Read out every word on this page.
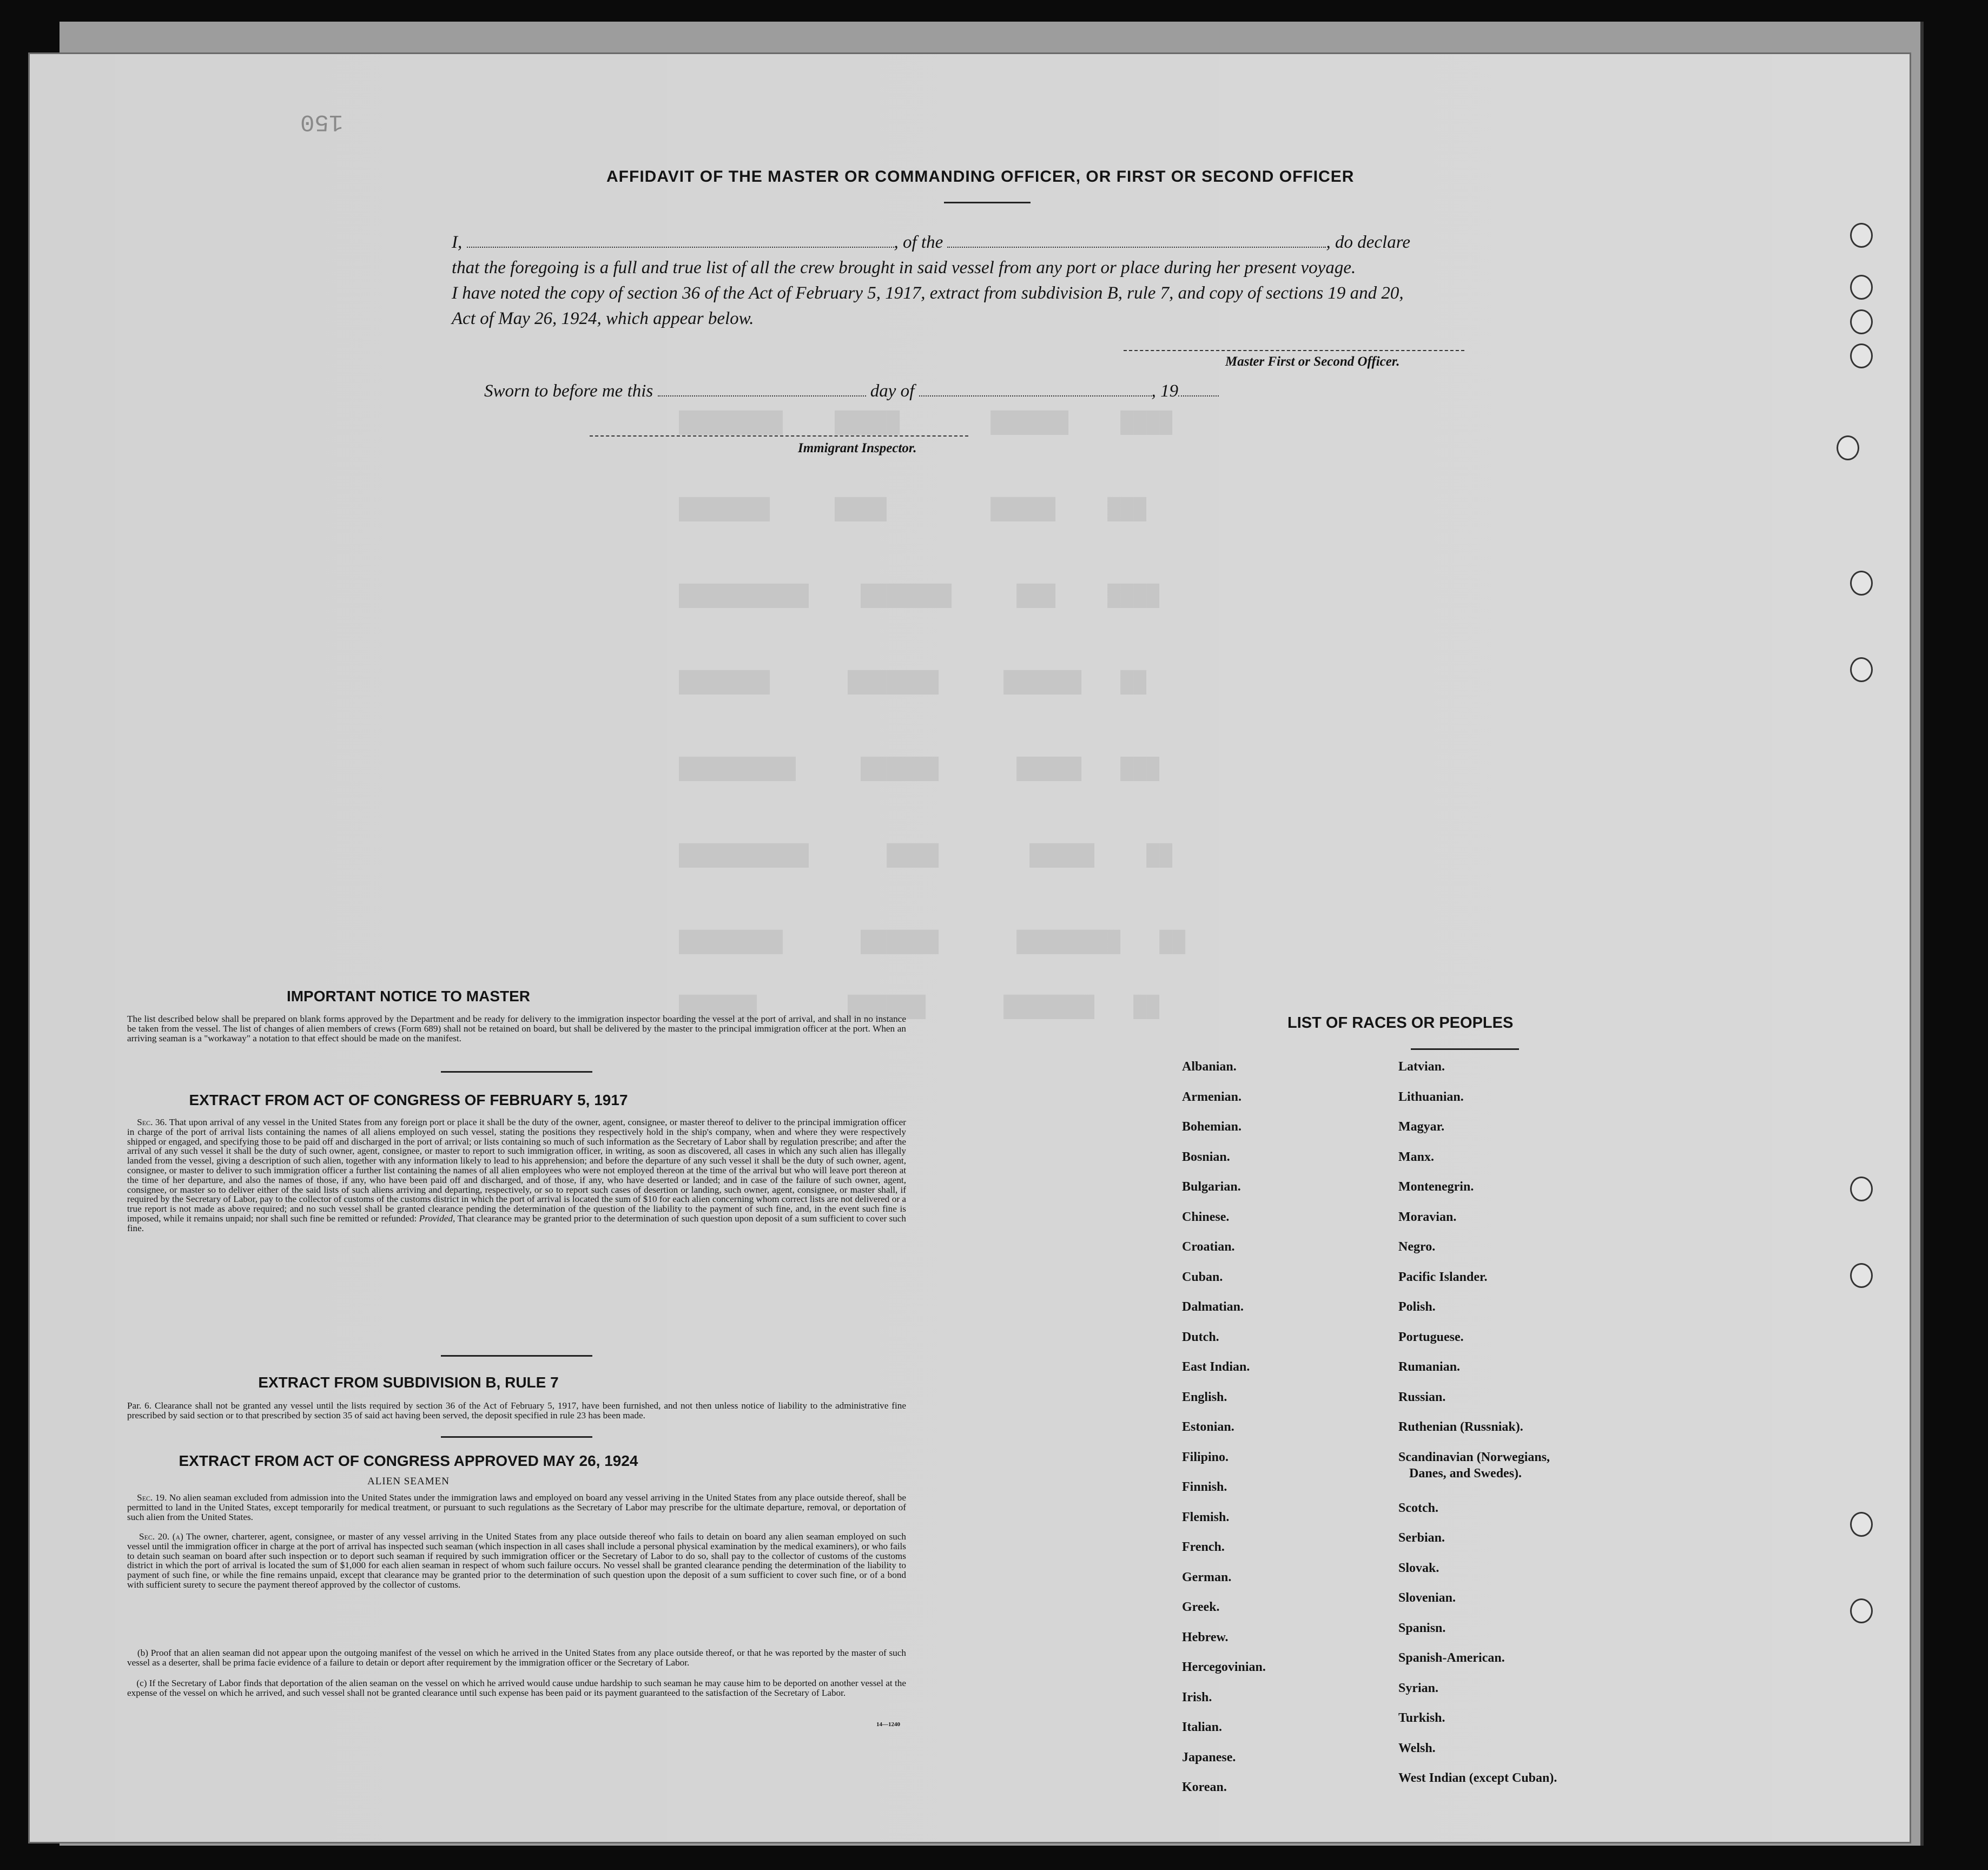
████████    █████       ██████    ████
███████     ████        █████    ███
██████████    ███████     ███    ████
███████      ███████     ██████   ██
█████████     ██████      █████   ███
██████████      ████       █████    ██
████████      ██████      ████████   ██
██████       ██████      ███████   ██
150
AFFIDAVIT OF THE MASTER OR COMMANDING OFFICER, OR FIRST OR SECOND OFFICER
I,	, of the	, do declare
that the foregoing is a full and true list of all the crew brought in said vessel from any port or place during her present voyage.
I have noted the copy of section 36 of the Act of February 5, 1917, extract from subdivision B, rule 7, and copy of sections 19 and 20,
Act of May 26, 1924, which appear below.
Master First or Second Officer.
Sworn to before me this	day of	, 19
Immigrant Inspector.
IMPORTANT NOTICE TO MASTER
The list described below shall be prepared on blank forms approved by the Department and be ready for delivery to the immigration inspector boarding the vessel at the port of arrival, and shall in no instance be taken from the vessel. The list of changes of alien members of crews (Form 689) shall not be retained on board, but shall be delivered by the master to the principal immigration officer at the port. When an arriving seaman is a "workaway" a notation to that effect should be made on the manifest.
EXTRACT FROM ACT OF CONGRESS OF FEBRUARY 5, 1917
Sec. 36. That upon arrival of any vessel in the United States from any foreign port or place it shall be the duty of the owner, agent, consignee, or master thereof to deliver to the principal immigration officer in charge of the port of arrival lists containing the names of all aliens employed on such vessel, stating the positions they respectively hold in the ship's company, when and where they were respectively shipped or engaged, and specifying those to be paid off and discharged in the port of arrival; or lists containing so much of such information as the Secretary of Labor shall by regulation prescribe; and after the arrival of any such vessel it shall be the duty of such owner, agent, consignee, or master to report to such immigration officer, in writing, as soon as discovered, all cases in which any such alien has illegally landed from the vessel, giving a description of such alien, together with any information likely to lead to his apprehension; and before the departure of any such vessel it shall be the duty of such owner, agent, consignee, or master to deliver to such immigration officer a further list containing the names of all alien employees who were not employed thereon at the time of the arrival but who will leave port thereon at the time of her departure, and also the names of those, if any, who have been paid off and discharged, and of those, if any, who have deserted or landed; and in case of the failure of such owner, agent, consignee, or master so to deliver either of the said lists of such aliens arriving and departing, respectively, or so to report such cases of desertion or landing, such owner, agent, consignee, or master shall, if required by the Secretary of Labor, pay to the collector of customs of the customs district in which the port of arrival is located the sum of $10 for each alien concerning whom correct lists are not delivered or a true report is not made as above required; and no such vessel shall be granted clearance pending the determination of the question of the liability to the payment of such fine, and, in the event such fine is imposed, while it remains unpaid; nor shall such fine be remitted or refunded: Provided, That clearance may be granted prior to the determination of such question upon deposit of a sum sufficient to cover such fine.
EXTRACT FROM SUBDIVISION B, RULE 7
Par. 6. Clearance shall not be granted any vessel until the lists required by section 36 of the Act of February 5, 1917, have been furnished, and not then unless notice of liability to the administrative fine prescribed by said section or to that prescribed by section 35 of said act having been served, the deposit specified in rule 23 has been made.
EXTRACT FROM ACT OF CONGRESS APPROVED MAY 26, 1924
ALIEN SEAMEN
Sec. 19. No alien seaman excluded from admission into the United States under the immigration laws and employed on board any vessel arriving in the United States from any place outside thereof, shall be permitted to land in the United States, except temporarily for medical treatment, or pursuant to such regulations as the Secretary of Labor may prescribe for the ultimate departure, removal, or deportation of such alien from the United States.
Sec. 20. (a) The owner, charterer, agent, consignee, or master of any vessel arriving in the United States from any place outside thereof who fails to detain on board any alien seaman employed on such vessel until the immigration officer in charge at the port of arrival has inspected such seaman (which inspection in all cases shall include a personal physical examination by the medical examiners), or who fails to detain such seaman on board after such inspection or to deport such seaman if required by such immigration officer or the Secretary of Labor to do so, shall pay to the collector of customs of the customs district in which the port of arrival is located the sum of $1,000 for each alien seaman in respect of whom such failure occurs. No vessel shall be granted clearance pending the determination of the liability to payment of such fine, or while the fine remains unpaid, except that clearance may be granted prior to the determination of such question upon the deposit of a sum sufficient to cover such fine, or of a bond with sufficient surety to secure the payment thereof approved by the collector of customs.
(b) Proof that an alien seaman did not appear upon the outgoing manifest of the vessel on which he arrived in the United States from any place outside thereof, or that he was reported by the master of such vessel as a deserter, shall be prima facie evidence of a failure to detain or deport after requirement by the immigration officer or the Secretary of Labor.
(c) If the Secretary of Labor finds that deportation of the alien seaman on the vessel on which he arrived would cause undue hardship to such seaman he may cause him to be deported on another vessel at the expense of the vessel on which he arrived, and such vessel shall not be granted clearance until such expense has been paid or its payment guaranteed to the satisfaction of the Secretary of Labor.
14—1240
LIST OF RACES OR PEOPLES
Albanian.
Armenian.
Bohemian.
Bosnian.
Bulgarian.
Chinese.
Croatian.
Cuban.
Dalmatian.
Dutch.
East Indian.
English.
Estonian.
Filipino.
Finnish.
Flemish.
French.
German.
Greek.
Hebrew.
Hercegovinian.
Irish.
Italian.
Japanese.
Korean.
Latvian.
Lithuanian.
Magyar.
Manx.
Montenegrin.
Moravian.
Negro.
Pacific Islander.
Polish.
Portuguese.
Rumanian.
Russian.
Ruthenian (Russniak).
Scandinavian (Norwegians,
Danes, and Swedes).
Scotch.
Serbian.
Slovak.
Slovenian.
Spanisn.
Spanish-American.
Syrian.
Turkish.
Welsh.
West Indian (except Cuban).
